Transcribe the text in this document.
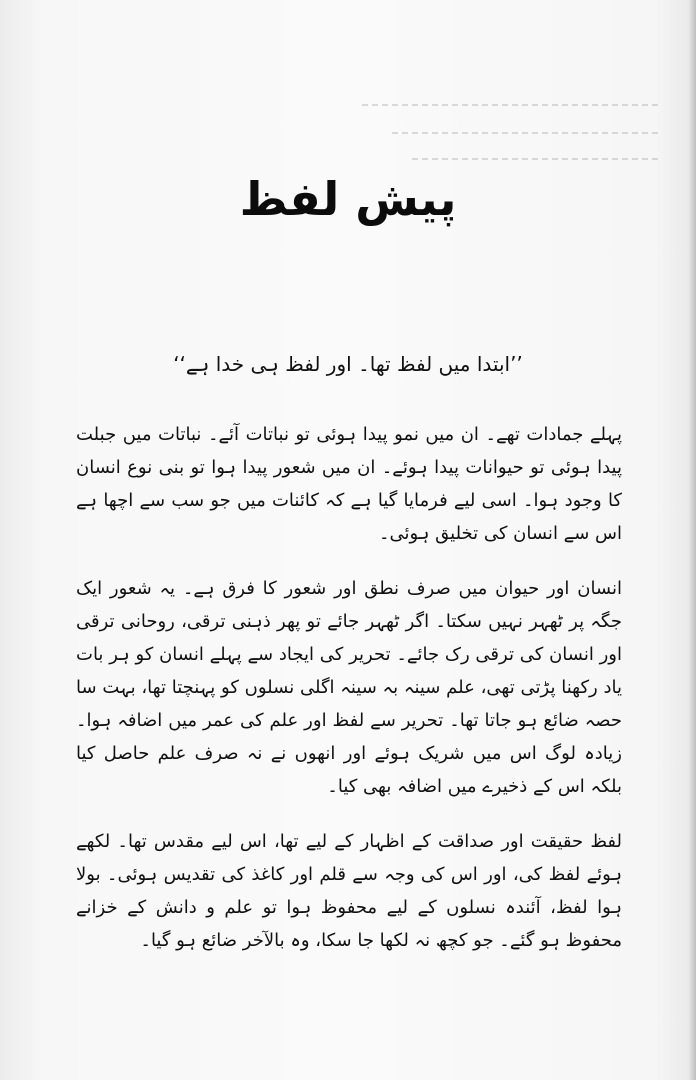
پیش لفظ

’’ابتدا میں لفظ تھا۔ اور لفظ ہی خدا ہے‘‘

پہلے جمادات تھے۔ ان میں نمو پیدا ہوئی تو نباتات آئے۔ نباتات میں جبلت پیدا ہوئی تو حیوانات پیدا ہوئے۔ ان میں شعور پیدا ہوا تو بنی نوع انسان کا وجود ہوا۔ اسی لیے فرمایا گیا ہے کہ کائنات میں جو سب سے اچھا ہے اس سے انسان کی تخلیق ہوئی۔

انسان اور حیوان میں صرف نطق اور شعور کا فرق ہے۔ یہ شعور ایک جگہ پر ٹھہر نہیں سکتا۔ اگر ٹھہر جائے تو پھر ذہنی ترقی، روحانی ترقی اور انسان کی ترقی رک جائے۔ تحریر کی ایجاد سے پہلے انسان کو ہر بات یاد رکھنا پڑتی تھی، علم سینہ بہ سینہ اگلی نسلوں کو پہنچتا تھا، بہت سا حصہ ضائع ہو جاتا تھا۔ تحریر سے لفظ اور علم کی عمر میں اضافہ ہوا۔ زیادہ لوگ اس میں شریک ہوئے اور انھوں نے نہ صرف علم حاصل کیا بلکہ اس کے ذخیرے میں اضافہ بھی کیا۔

لفظ حقیقت اور صداقت کے اظہار کے لیے تھا، اس لیے مقدس تھا۔ لکھے ہوئے لفظ کی، اور اس کی وجہ سے قلم اور کاغذ کی تقدیس ہوئی۔ بولا ہوا لفظ، آئندہ نسلوں کے لیے محفوظ ہوا تو علم و دانش کے خزانے محفوظ ہو گئے۔ جو کچھ نہ لکھا جا سکا، وہ بالآخر ضائع ہو گیا۔
